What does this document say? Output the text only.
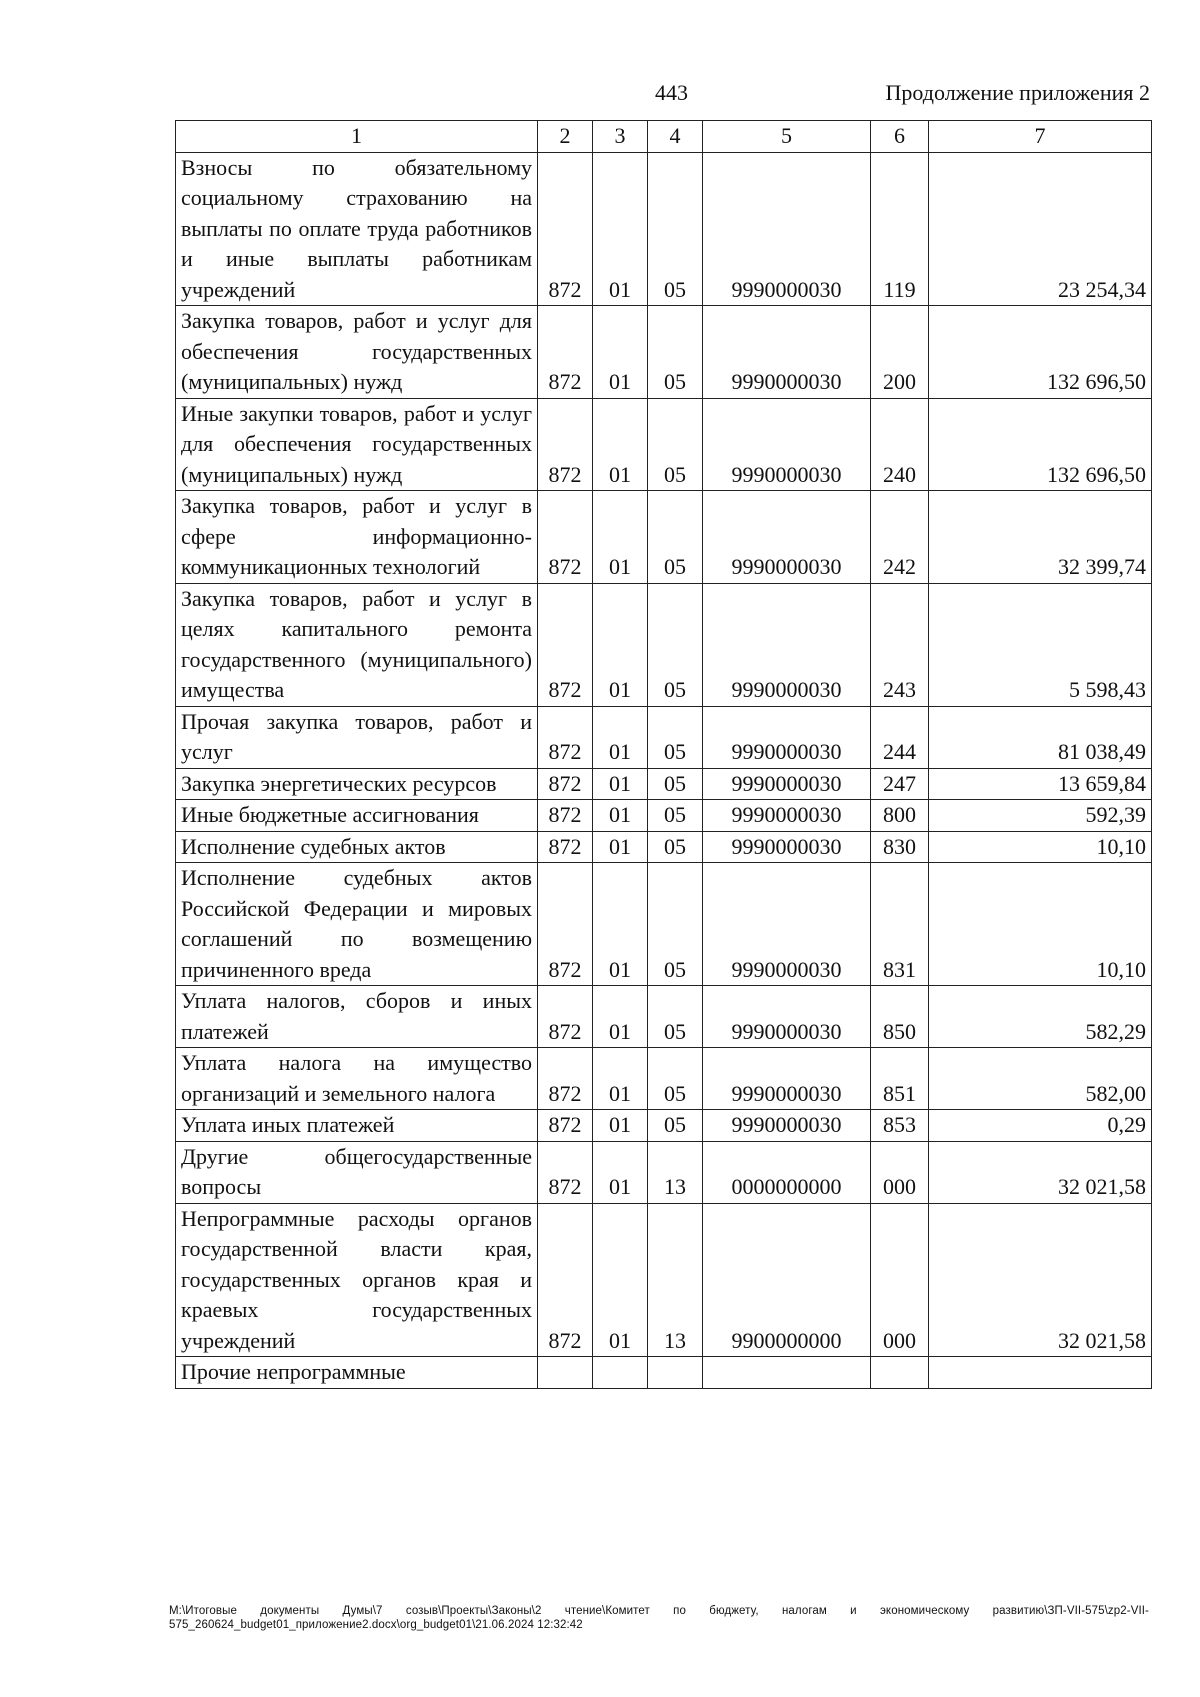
443	Продолжение приложения 2
1	2	3	4	5	6	7
Взносы по обязательному социальному страхованию на выплаты по оплате труда работников и иные выплаты работникам учреждений	872	01	05	9990000030	119	23 254,34
Закупка товаров, работ и услуг для обеспечения государственных (муниципальных) нужд	872	01	05	9990000030	200	132 696,50
Иные закупки товаров, работ и услуг для обеспечения государственных (муниципальных) нужд	872	01	05	9990000030	240	132 696,50
Закупка товаров, работ и услуг в сфере информационно-коммуникационных технологий	872	01	05	9990000030	242	32 399,74
Закупка товаров, работ и услуг в целях капитального ремонта государственного (муниципального) имущества	872	01	05	9990000030	243	5 598,43
Прочая закупка товаров, работ и услуг	872	01	05	9990000030	244	81 038,49
Закупка энергетических ресурсов	872	01	05	9990000030	247	13 659,84
Иные бюджетные ассигнования	872	01	05	9990000030	800	592,39
Исполнение судебных актов	872	01	05	9990000030	830	10,10
Исполнение судебных актов Российской Федерации и мировых соглашений по возмещению причиненного вреда	872	01	05	9990000030	831	10,10
Уплата налогов, сборов и иных платежей	872	01	05	9990000030	850	582,29
Уплата налога на имущество организаций и земельного налога	872	01	05	9990000030	851	582,00
Уплата иных платежей	872	01	05	9990000030	853	0,29
Другие общегосударственные вопросы	872	01	13	0000000000	000	32 021,58
Непрограммные расходы органов государственной власти края, государственных органов края и краевых государственных учреждений	872	01	13	9900000000	000	32 021,58
Прочие непрограммные						
M:\Итоговые документы Думы\7 созыв\Проекты\Законы\2 чтение\Комитет по бюджету, налогам и экономическому развитию\ЗП-VII-575\zp2-VII-575_260624_budget01_приложение2.docx\org_budget01\21.06.2024 12:32:42
